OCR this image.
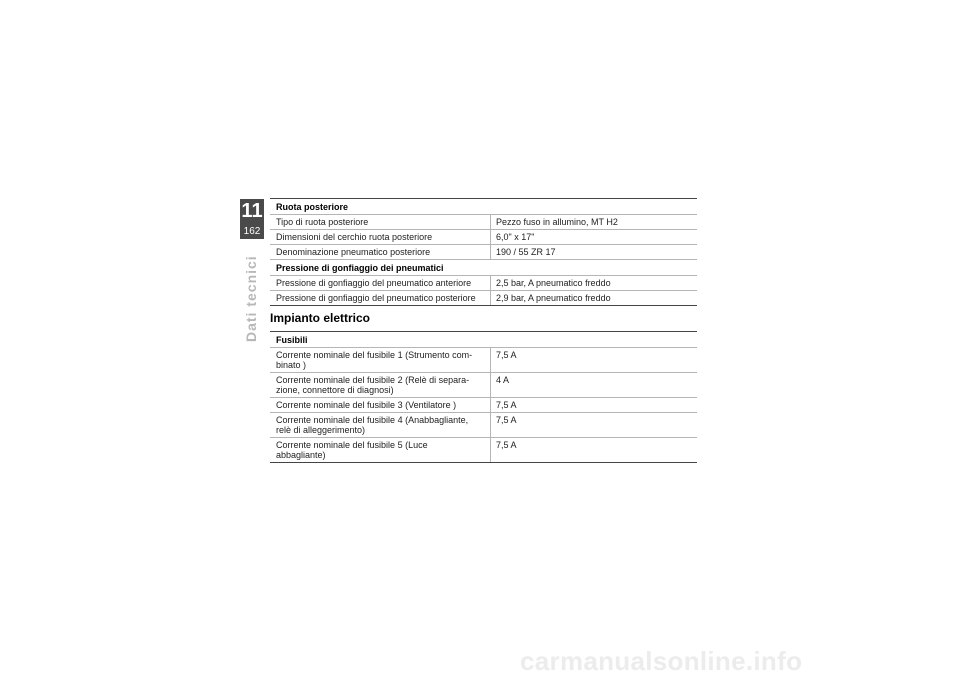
11
162
Dati tecnici
Ruota posteriore	
Tipo di ruota posteriore	Pezzo fuso in allumino, MT H2
Dimensioni del cerchio ruota posteriore	6,0" x 17"
Denominazione pneumatico posteriore	190 / 55 ZR 17
Pressione di gonfiaggio dei pneumatici	
Pressione di gonfiaggio del pneumatico anteriore	2,5 bar, A pneumatico freddo
Pressione di gonfiaggio del pneumatico posteriore	2,9 bar, A pneumatico freddo
Impianto elettrico
Fusibili	
Corrente nominale del fusibile 1 (Strumento com-
binato )	7,5 A
Corrente nominale del fusibile 2 (Relè di separa-
zione, connettore di diagnosi)	4 A
Corrente nominale del fusibile 3 (Ventilatore )	7,5 A
Corrente nominale del fusibile 4 (Anabbagliante,
relè di alleggerimento)	7,5 A
Corrente nominale del fusibile 5 (Luce
abbagliante)	7,5 A
carmanualsonline.info
